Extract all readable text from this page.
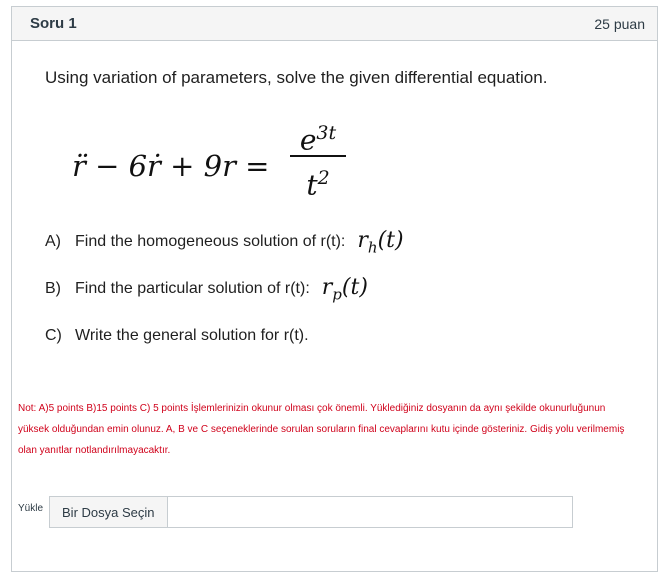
Soru 1	25 puan
Using variation of parameters, solve the given differential equation.
r̈ − 6ṙ + 9r =
$e^{3t}$
$t^2$
A) Find the homogeneous solution of r(t): $r_h(t)$
B) Find the particular solution of r(t): $r_p(t)$
C) Write the general solution for r(t).
Not: A)5 points B)15 points C) 5 points İşlemlerinizin okunur olması çok önemli. Yüklediğiniz dosyanın da aynı şekilde okunurluğunun yüksek olduğundan emin olunuz. A, B ve C seçeneklerinde sorulan soruların final cevaplarını kutu içinde gösteriniz. Gidiş yolu verilmemiş olan yanıtlar notlandırılmayacaktır.
Yükle	Bir Dosya Seçin
